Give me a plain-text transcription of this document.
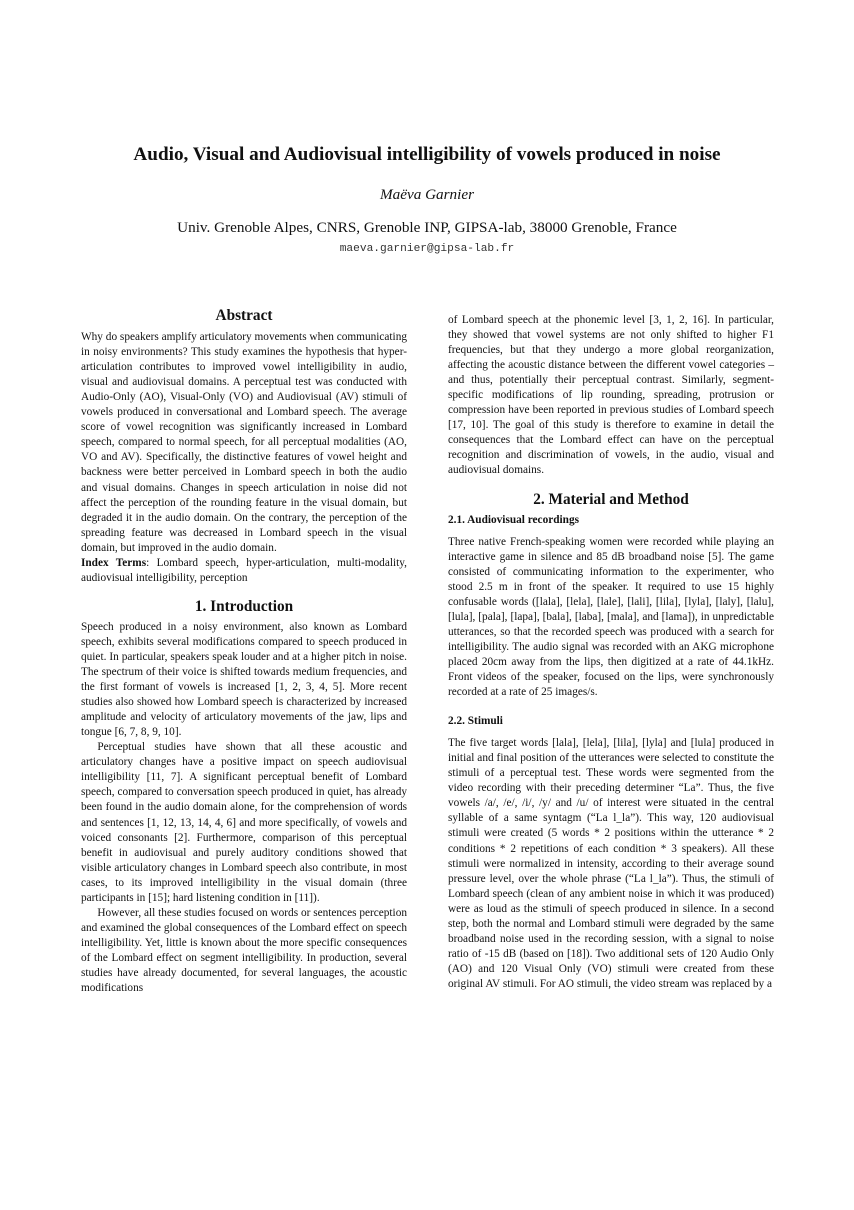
Audio, Visual and Audiovisual intelligibility of vowels produced in noise
Maëva Garnier
Univ. Grenoble Alpes, CNRS, Grenoble INP, GIPSA-lab, 38000 Grenoble, France
maeva.garnier@gipsa-lab.fr

Abstract

Why do speakers amplify articulatory movements when communicating in noisy environments? This study examines the hypothesis that hyper-articulation contributes to improved vowel intelligibility in audio, visual and audiovisual domains. A perceptual test was conducted with Audio-Only (AO), Visual-Only (VO) and Audiovisual (AV) stimuli of vowels produced in conversational and Lombard speech. The average score of vowel recognition was significantly increased in Lombard speech, compared to normal speech, for all perceptual modalities (AO, VO and AV). Specifically, the distinctive features of vowel height and backness were better perceived in Lombard speech in both the audio and visual domains. Changes in speech articulation in noise did not affect the perception of the rounding feature in the visual domain, but degraded it in the audio domain. On the contrary, the perception of the spreading feature was decreased in Lombard speech in the visual domain, but improved in the audio domain.

Index Terms: Lombard speech, hyper-articulation, multi-modality, audiovisual intelligibility, perception

1. Introduction

Speech produced in a noisy environment, also known as Lombard speech, exhibits several modifications compared to speech produced in quiet. In particular, speakers speak louder and at a higher pitch in noise. The spectrum of their voice is shifted towards medium frequencies, and the first formant of vowels is increased [1, 2, 3, 4, 5]. More recent studies also showed how Lombard speech is characterized by increased amplitude and velocity of articulatory movements of the jaw, lips and tongue [6, 7, 8, 9, 10].

Perceptual studies have shown that all these acoustic and articulatory changes have a positive impact on speech audiovisual intelligibility [11, 7]. A significant perceptual benefit of Lombard speech, compared to conversation speech produced in quiet, has already been found in the audio domain alone, for the comprehension of words and sentences [1, 12, 13, 14, 4, 6] and more specifically, of vowels and voiced consonants [2]. Furthermore, comparison of this perceptual benefit in audiovisual and purely auditory conditions showed that visible articulatory changes in Lombard speech also contribute, in most cases, to its improved intelligibility in the visual domain (three participants in [15]; hard listening condition in [11]).

However, all these studies focused on words or sentences perception and examined the global consequences of the Lombard effect on speech intelligibility. Yet, little is known about the more specific consequences of the Lombard effect on segment intelligibility. In production, several studies have already documented, for several languages, the acoustic modifications

of Lombard speech at the phonemic level [3, 1, 2, 16]. In particular, they showed that vowel systems are not only shifted to higher F1 frequencies, but that they undergo a more global reorganization, affecting the acoustic distance between the different vowel categories – and thus, potentially their perceptual contrast. Similarly, segment-specific modifications of lip rounding, spreading, protrusion or compression have been reported in previous studies of Lombard speech [17, 10]. The goal of this study is therefore to examine in detail the consequences that the Lombard effect can have on the perceptual recognition and discrimination of vowels, in the audio, visual and audiovisual domains.

2. Material and Method

2.1. Audiovisual recordings

Three native French-speaking women were recorded while playing an interactive game in silence and 85 dB broadband noise [5]. The game consisted of communicating information to the experimenter, who stood 2.5 m in front of the speaker. It required to use 15 highly confusable words ([lala], [lela], [lale], [lali], [lila], [lyla], [laly], [lalu], [lula], [pala], [lapa], [bala], [laba], [mala], and [lama]), in unpredictable utterances, so that the recorded speech was produced with a search for intelligibility. The audio signal was recorded with an AKG microphone placed 20cm away from the lips, then digitized at a rate of 44.1kHz. Front videos of the speaker, focused on the lips, were synchronously recorded at a rate of 25 images/s.

2.2. Stimuli

The five target words [lala], [lela], [lila], [lyla] and [lula] produced in initial and final position of the utterances were selected to constitute the stimuli of a perceptual test. These words were segmented from the video recording with their preceding determiner “La”. Thus, the five vowels /a/, /e/, /i/, /y/ and /u/ of interest were situated in the central syllable of a same syntagm (“La l_la”). This way, 120 audiovisual stimuli were created (5 words * 2 positions within the utterance * 2 conditions * 2 repetitions of each condition * 3 speakers). All these stimuli were normalized in intensity, according to their average sound pressure level, over the whole phrase (“La l_la”). Thus, the stimuli of Lombard speech (clean of any ambient noise in which it was produced) were as loud as the stimuli of speech produced in silence. In a second step, both the normal and Lombard stimuli were degraded by the same broadband noise used in the recording session, with a signal to noise ratio of -15 dB (based on [18]). Two additional sets of 120 Audio Only (AO) and 120 Visual Only (VO) stimuli were created from these original AV stimuli. For AO stimuli, the video stream was replaced by a
